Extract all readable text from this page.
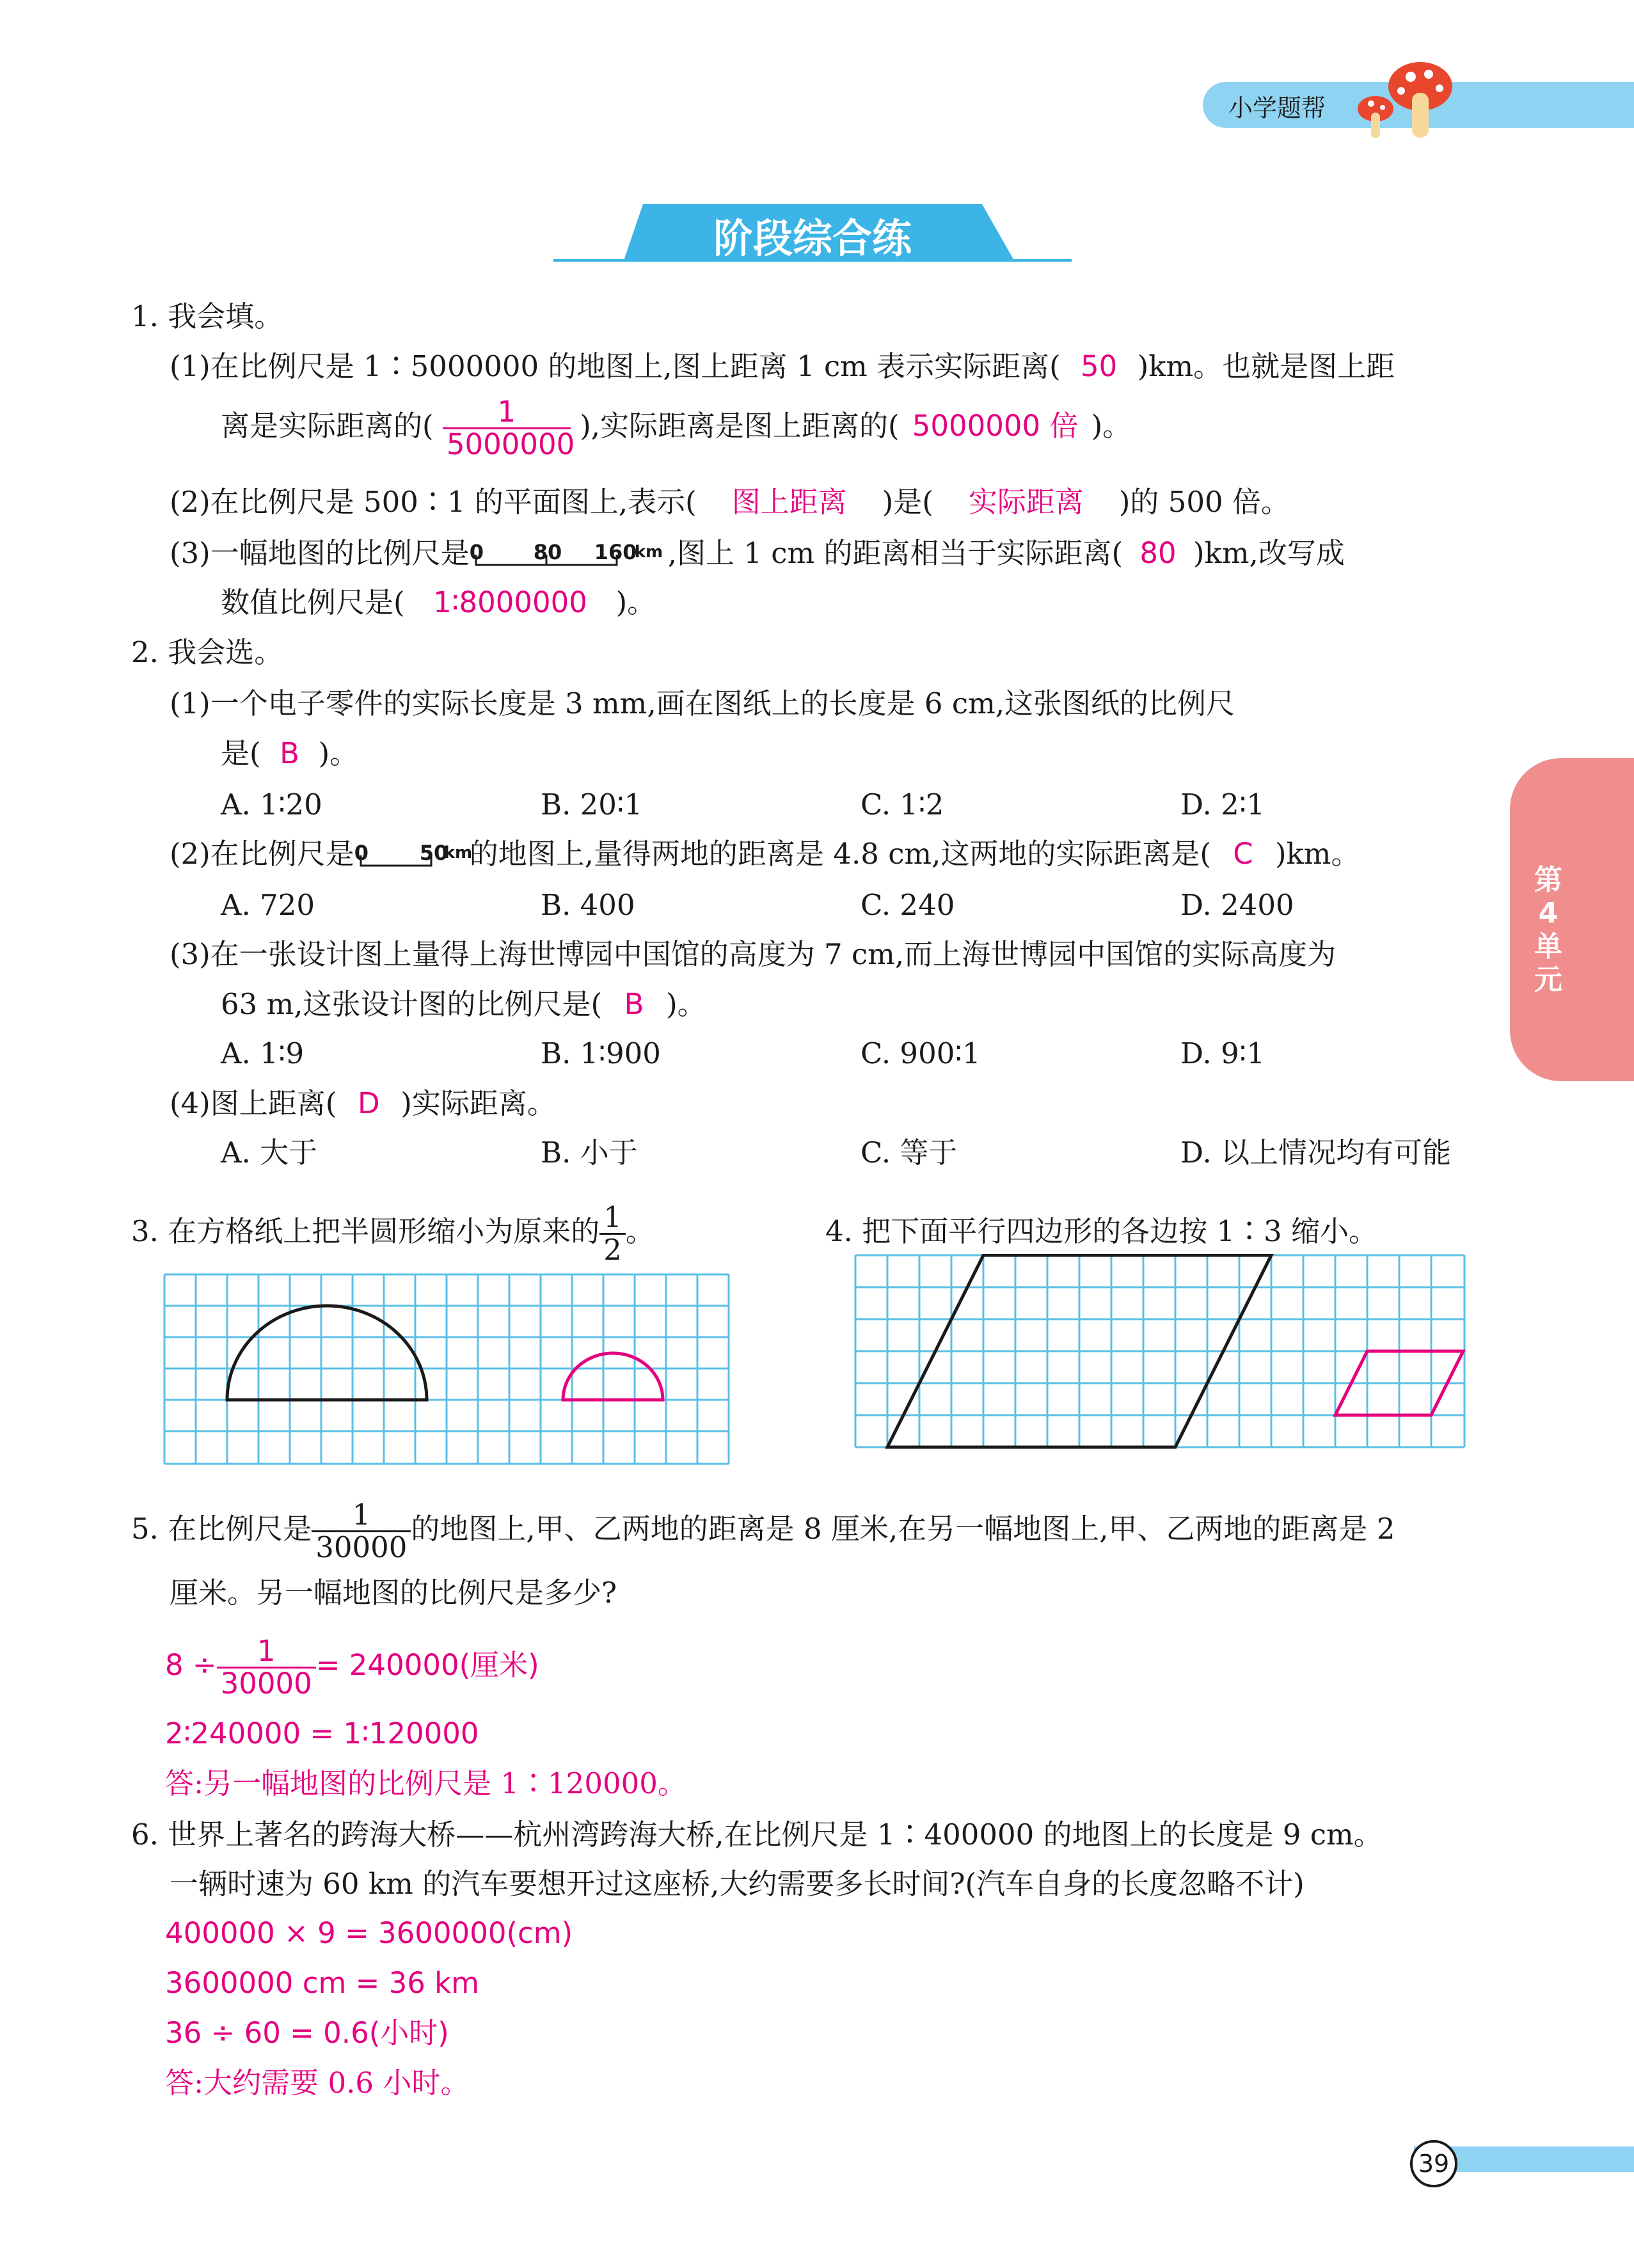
小学题帮
第4单元
阶段综合练
1. 我会填。
(1)在比例尺是 1∶5000000 的地图上,图上距离 1 cm 表示实际距离( 50 )km。也就是图上距
离是实际距离的( $\frac{1}{5000000}$ ),实际距离是图上距离的( 5000000 倍 )。
(2)在比例尺是 500∶1 的平面图上,表示( 图上距离 )是( 实际距离 )的 500 倍。
(3)一幅地图的比例尺是 0 80 160
km ,图上 1 cm 的距离相当于实际距离( 80 )km,改写成
数值比例尺是( 1∶8000000 )。
2. 我会选。
(1)一个电子零件的实际长度是 3 mm,画在图纸上的长度是 6 cm,这张图纸的比例尺
是( B )。
A. 1∶20	B. 20∶1	C. 1∶2	D. 2∶1
(2)在比例尺是 0 50
km
的地图上,量得两地的距离是 4.8 cm,这两地的实际距离是( C )km。
A. 720	B. 400	C. 240	D. 2400
(3)在一张设计图上量得上海世博园中国馆的高度为 7 cm,而上海世博园中国馆的实际高度为
63 m,这张设计图的比例尺是( B )。
A. 1∶9	B. 1∶900	C. 900∶1	D. 9∶1
(4)图上距离( D )实际距离。
A. 大于	B. 小于	C. 等于	D. 以上情况均有可能
3. 在方格纸上把半圆形缩小为原来的 $\frac{1}{2}$ 。	4. 把下面平行四边形的各边按 1∶3 缩小。
5. 在比例尺是 $\frac{1}{30000}$ 的地图上,甲、乙两地的距离是 8 厘米,在另一幅地图上,甲、乙两地的距离是 2
厘米。另一幅地图的比例尺是多少?
$8 \div \frac{1}{30000} = 240000$(厘米)
2∶240000 = 1∶120000
答:另一幅地图的比例尺是 1∶120000。
6. 世界上著名的跨海大桥——杭州湾跨海大桥,在比例尺是 1∶400000 的地图上的长度是 9 cm。
一辆时速为 60 km 的汽车要想开过这座桥,大约需要多长时间?(汽车自身的长度忽略不计)
400000 × 9 = 3600000(cm)
3600000 cm = 36 km
36 ÷ 60 = 0.6(小时)
答:大约需要 0.6 小时。
39
